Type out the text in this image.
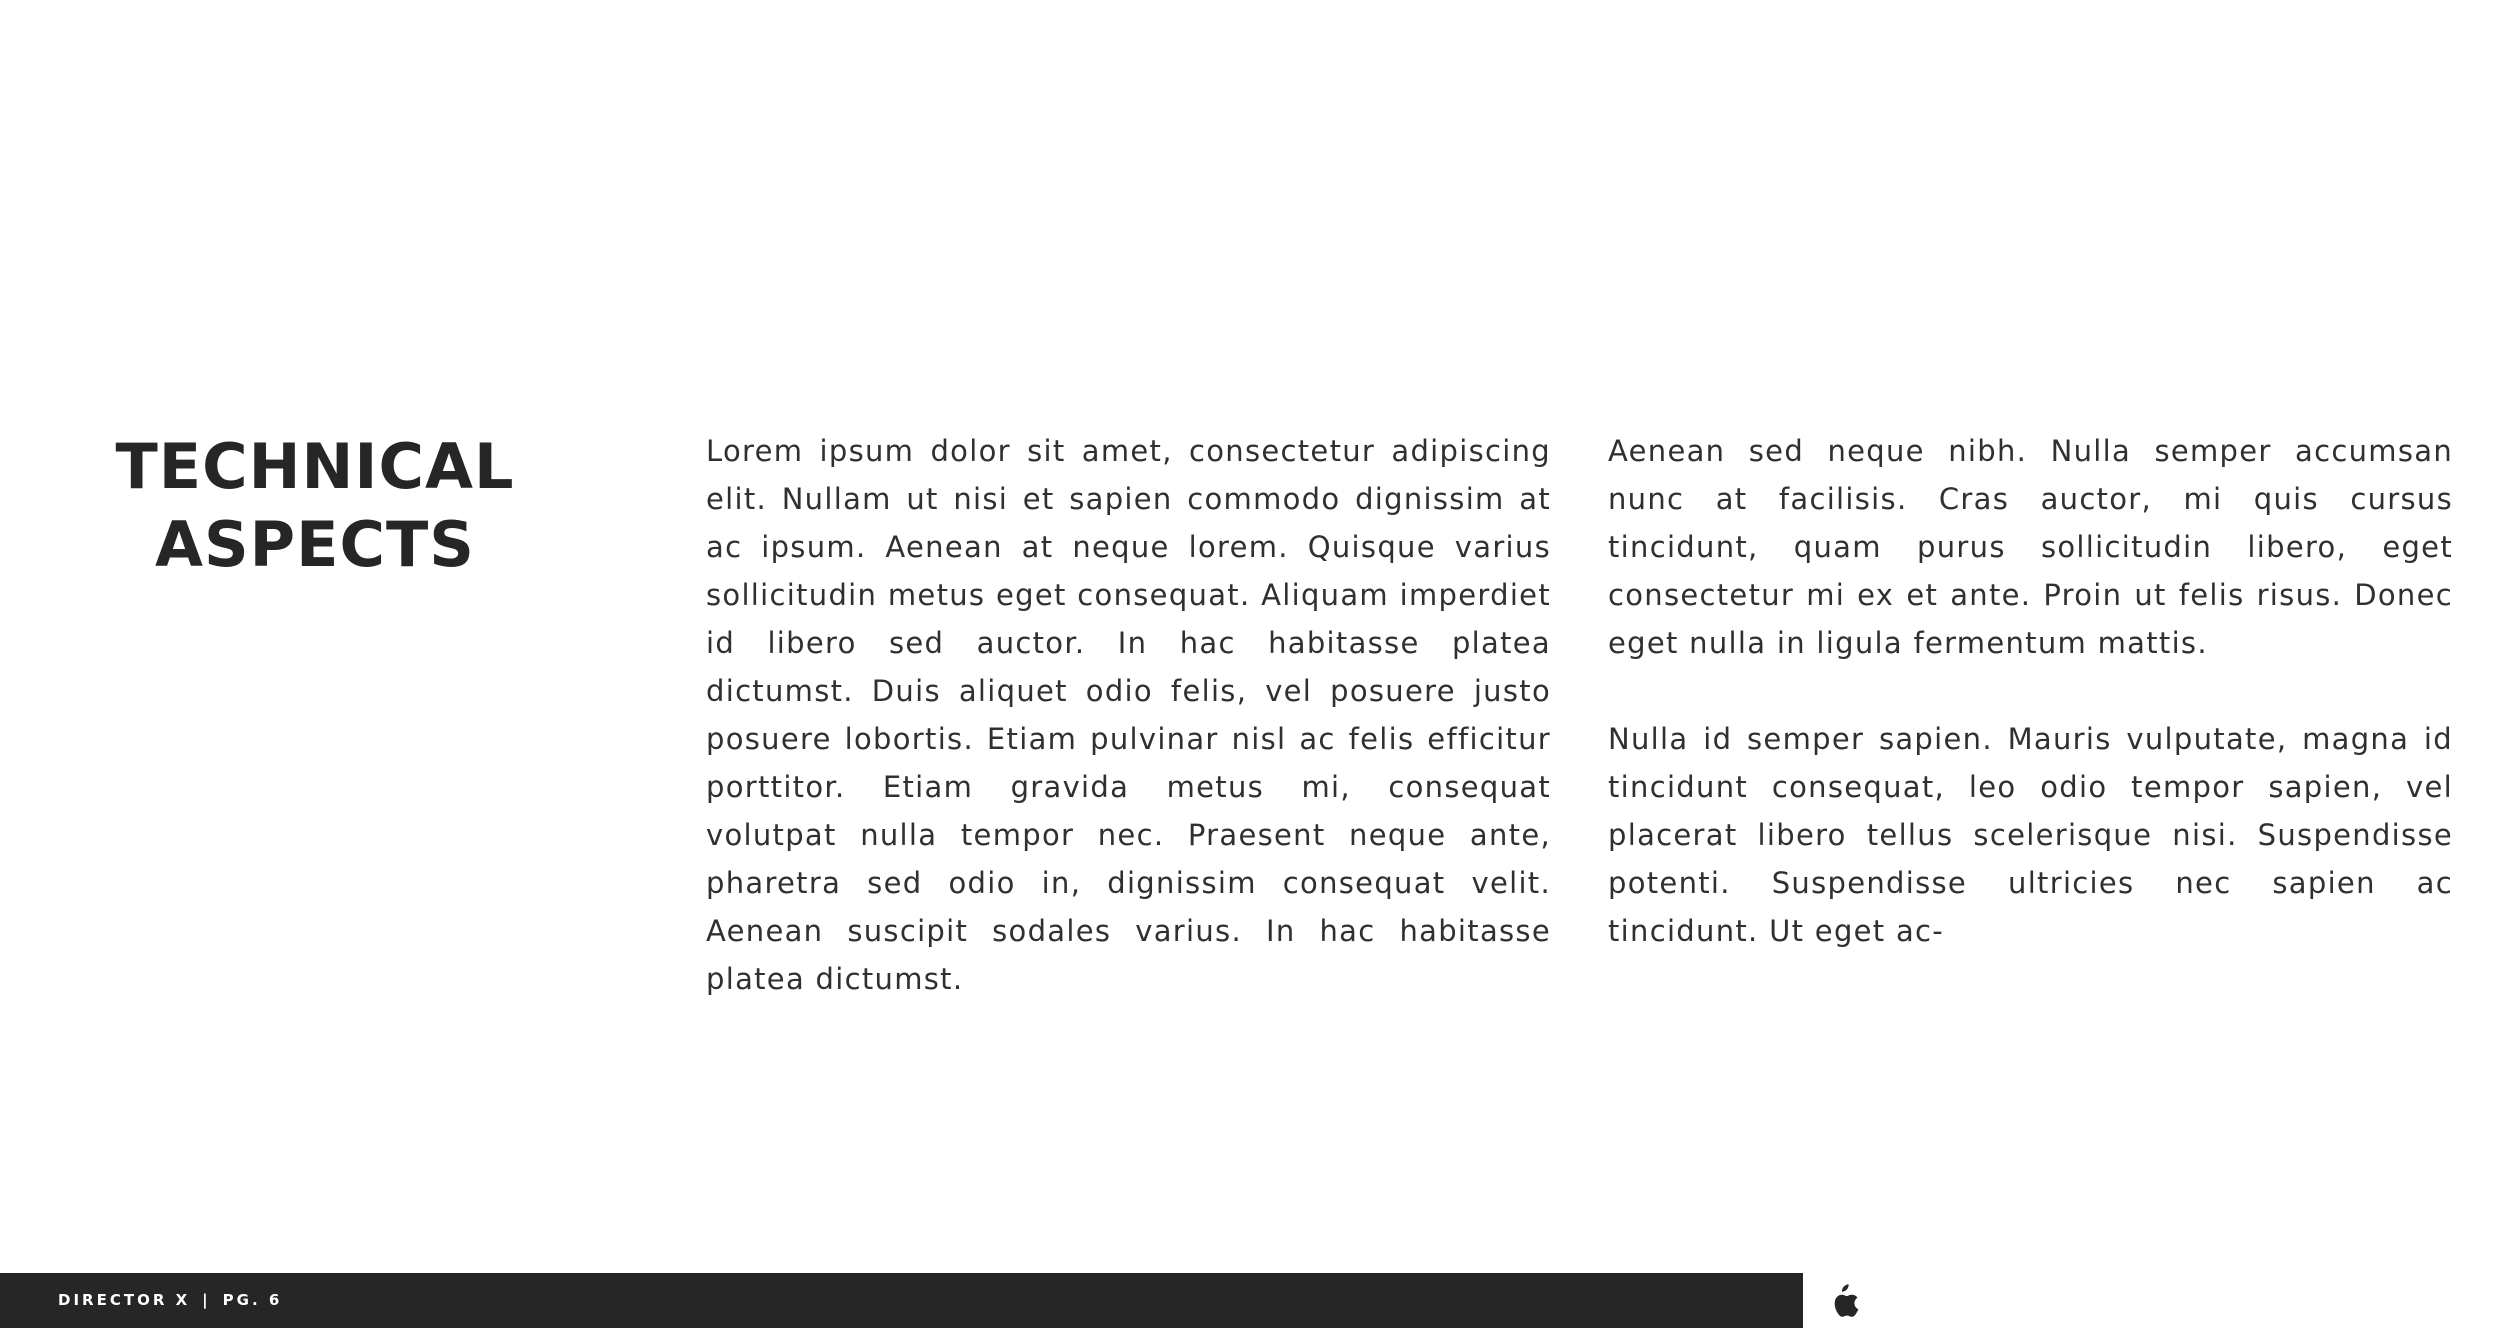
TECHNICAL
ASPECTS

Lorem ipsum dolor sit amet, consectetur adipiscing elit. Nullam ut nisi et sapien commodo dignissim at ac ipsum. Aenean at neque lorem. Quisque varius sollicitudin metus eget consequat. Aliquam imperdiet id libero sed auctor. In hac habitasse platea dictumst. Duis aliquet odio felis, vel posuere justo posuere lobortis. Etiam pulvinar nisl ac felis efficitur porttitor. Etiam gravida metus mi, consequat volutpat nulla tempor nec. Praesent neque ante, pharetra sed odio in, dignissim consequat velit. Aenean suscipit sodales varius. In hac habitasse platea dictumst.

Aenean sed neque nibh. Nulla semper accumsan nunc at facilisis. Cras auctor, mi quis cursus tincidunt, quam purus sollicitudin libero, eget consectetur mi ex et ante. Proin ut felis risus. Donec eget nulla in ligula fermentum mattis.

Nulla id semper sapien. Mauris vulputate, magna id tincidunt consequat, leo odio tempor sapien, vel placerat libero tellus scelerisque nisi. Suspendisse potenti. Suspendisse ultricies nec sapien ac tincidunt. Ut eget ac-

DIRECTOR X | PG. 6
